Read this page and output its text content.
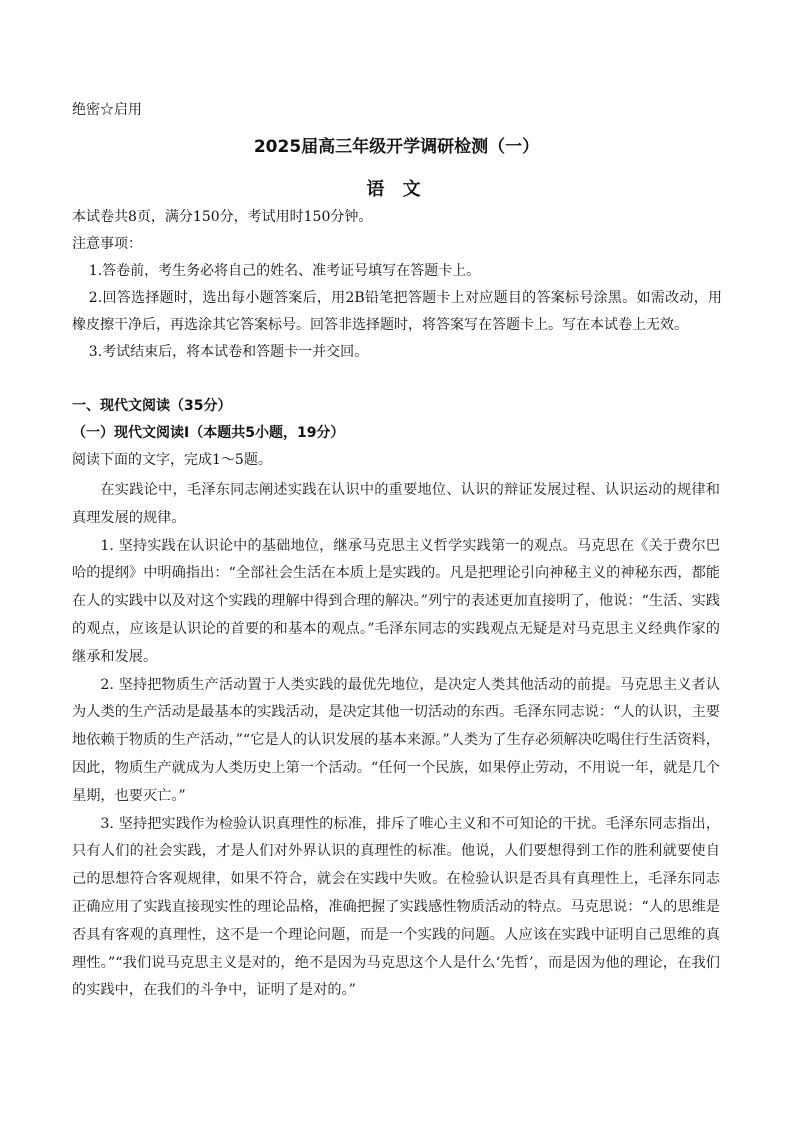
绝密☆启用
2025届高三年级开学调研检测（一）
语 文
本试卷共8页，满分150分，考试用时150分钟。
注意事项：

1.答卷前，考生务必将自己的姓名、准考证号填写在答题卡上。

2.回答选择题时，选出每小题答案后，用2B铅笔把答题卡上对应题目的答案标号涂黑。如需改动，用橡皮擦干净后，再选涂其它答案标号。回答非选择题时，将答案写在答题卡上。写在本试卷上无效。

3.考试结束后，将本试卷和答题卡一并交回。

一、现代文阅读（35分）
（一）现代文阅读Ⅰ（本题共5小题，19分）
阅读下面的文字，完成1～5题。

在实践论中，毛泽东同志阐述实践在认识中的重要地位、认识的辩证发展过程、认识运动的规律和真理发展的规律。

1. 坚持实践在认识论中的基础地位，继承马克思主义哲学实践第一的观点。马克思在《关于费尔巴哈的提纲》中明确指出：“全部社会生活在本质上是实践的。凡是把理论引向神秘主义的神秘东西，都能在人的实践中以及对这个实践的理解中得到合理的解决。”列宁的表述更加直接明了，他说：“生活、实践的观点，应该是认识论的首要的和基本的观点。”毛泽东同志的实践观点无疑是对马克思主义经典作家的继承和发展。

2. 坚持把物质生产活动置于人类实践的最优先地位，是决定人类其他活动的前提。马克思主义者认为人类的生产活动是最基本的实践活动，是决定其他一切活动的东西。毛泽东同志说：“人的认识，主要地依赖于物质的生产活动，”“它是人的认识发展的基本来源。”人类为了生存必须解决吃喝住行生活资料，因此，物质生产就成为人类历史上第一个活动。“任何一个民族，如果停止劳动，不用说一年，就是几个星期，也要灭亡。”

3. 坚持把实践作为检验认识真理性的标准，排斥了唯心主义和不可知论的干扰。毛泽东同志指出，只有人们的社会实践，才是人们对外界认识的真理性的标准。他说，人们要想得到工作的胜利就要使自己的思想符合客观规律，如果不符合，就会在实践中失败。在检验认识是否具有真理性上，毛泽东同志正确应用了实践直接现实性的理论品格，准确把握了实践感性物质活动的特点。马克思说：“人的思维是否具有客观的真理性，这不是一个理论问题，而是一个实践的问题。人应该在实践中证明自己思维的真理性。”“我们说马克思主义是对的，绝不是因为马克思这个人是什么‘先哲’，而是因为他的理论，在我们的实践中，在我们的斗争中，证明了是对的。”
